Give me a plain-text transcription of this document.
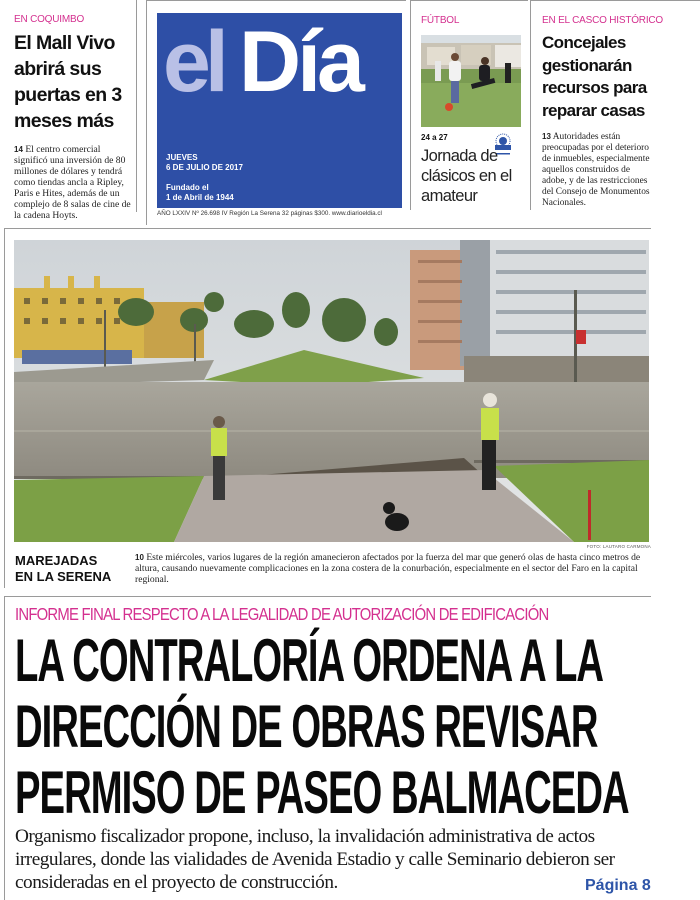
EN COQUIMBO
El Mall Vivo abrirá sus puertas en 3 meses más
14 El centro comercial significó una inversión de 80 millones de dólares y tendrá como tiendas ancla a Ripley, Paris e Hites, además de un complejo de 8 salas de cine de la cadena Hoyts.
el Día
JUEVES
6 DE JULIO DE 2017
Fundado el
1 de Abril de 1944
AÑO LXXIV Nº 26.698 IV Región La Serena 32 páginas $300. www.diarioeldia.cl
FÚTBOL
24 a 27
Jornada de clásicos en el amateur
EN EL CASCO HISTÓRICO
Concejales gestionarán recursos para reparar casas
13 Autoridades están preocupadas por el deterioro de inmuebles, especialmente aquellos construidos de adobe, y de las restricciones del Consejo de Monumentos Nacionales.
FOTO: LAUTARO CARMONA
MAREJADAS
EN LA SERENA
10 Este miércoles, varios lugares de la región amanecieron afectados por la fuerza del mar que generó olas de hasta cinco metros de altura, causando nuevamente complicaciones en la zona costera de la conurbación, especialmente en el sector del Faro en la capital regional.
INFORME FINAL RESPECTO A LA LEGALIDAD DE AUTORIZACIÓN DE EDIFICACIÓN
LA CONTRALORÍA ORDENA A LA
DIRECCIÓN DE OBRAS REVISAR
PERMISO DE PASEO BALMACEDA
Organismo fiscalizador propone, incluso, la invalidación administrativa de actos irregulares, donde las vialidades de Avenida Estadio y calle Seminario debieron ser consideradas en el proyecto de construcción.	Página 8
